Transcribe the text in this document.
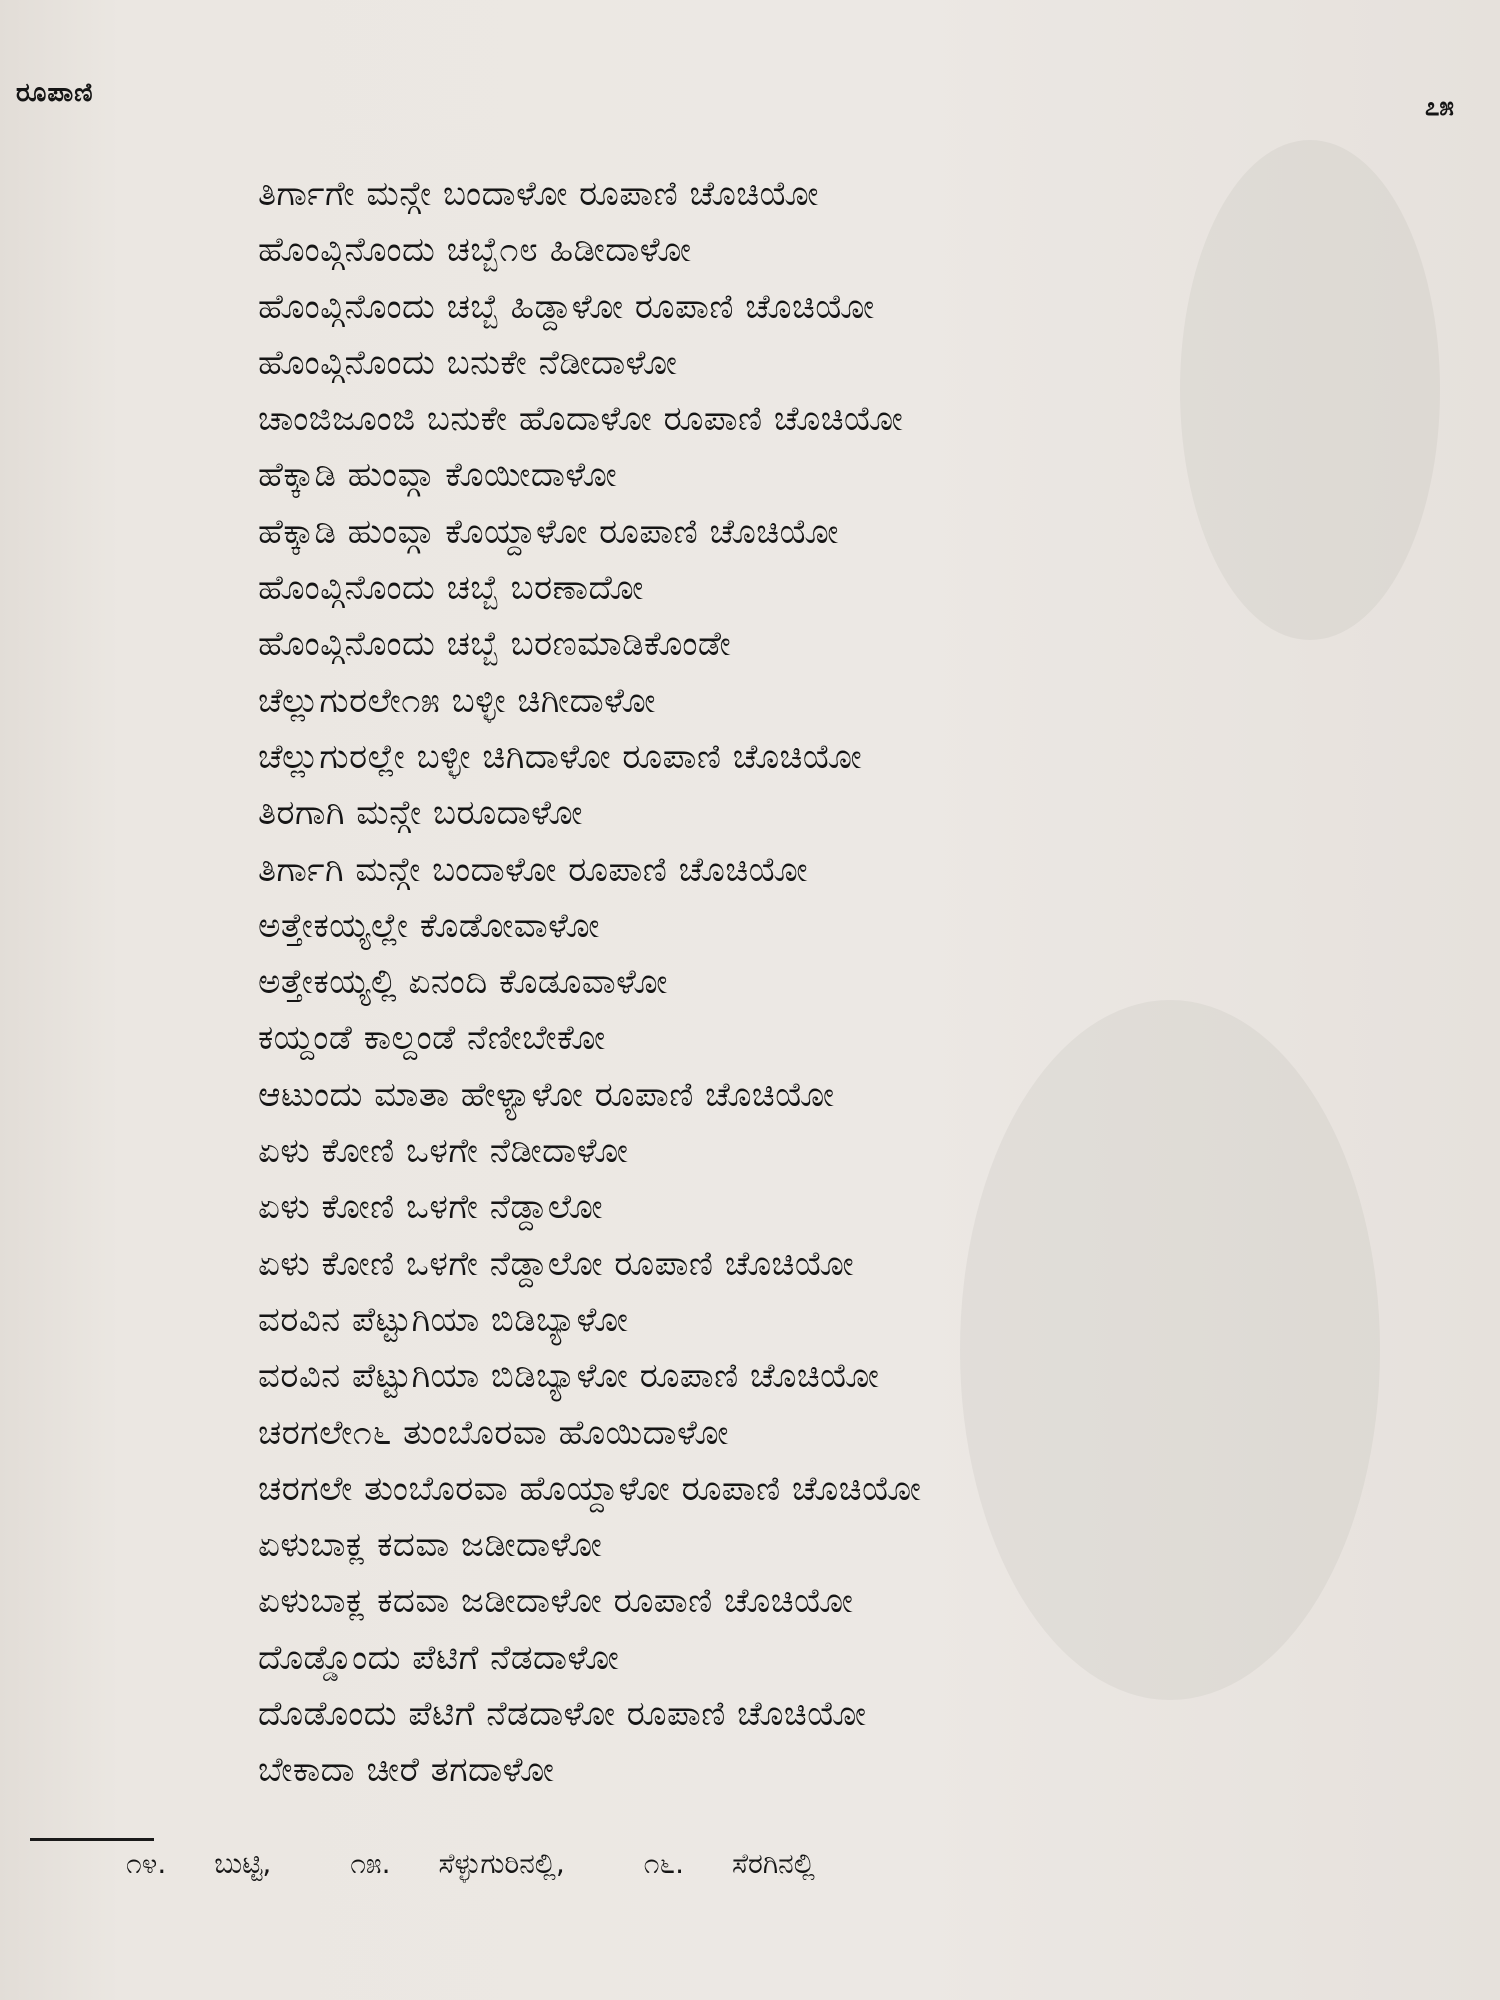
ರೂಪಾಣಿ	೭೫
ತಿರ್ಗಾಗೇ ಮನ್ಗೇ ಬಂದಾಳೋ ರೂಪಾಣಿ ಚೊಚಿಯೋ
ಹೊಂವ್ಗಿನೊಂದು ಚಬ್ಬೆ೧೮ ಹಿಡೀದಾಳೋ
ಹೊಂವ್ಗಿನೊಂದು ಚಬ್ಬೆ ಹಿಡ್ದಾಳೋ ರೂಪಾಣಿ ಚೊಚಿಯೋ
ಹೊಂವ್ಗಿನೊಂದು ಬನುಕೇ ನೆಡೀದಾಳೋ
ಚಾಂಜಿಜೂಂಜಿ ಬನುಕೇ ಹೊದಾಳೋ ರೂಪಾಣಿ ಚೊಚಿಯೋ
ಹೆಕ್ಕಾಡಿ ಹುಂವ್ಗಾ ಕೊಯೀದಾಳೋ
ಹೆಕ್ಕಾಡಿ ಹುಂವ್ಗಾ ಕೊಯ್ದಾಳೋ ರೂಪಾಣಿ ಚೊಚಿಯೋ
ಹೊಂವ್ಗಿನೊಂದು ಚಬ್ಬೆ ಬರಣಾದೋ
ಹೊಂವ್ಗಿನೊಂದು ಚಬ್ಬೆ ಬರಣಮಾಡಿಕೊಂಡೇ
ಚೆಲ್ಲುಗುರಲೇ೧೫ ಬಳ್ಳೀ ಚಿಗೀದಾಳೋ
ಚೆಲ್ಲುಗುರಲ್ಲೇ ಬಳ್ಳೀ ಚಿಗಿದಾಳೋ ರೂಪಾಣಿ ಚೊಚಿಯೋ
ತಿರಗಾಗಿ ಮನ್ಗೇ ಬರೂದಾಳೋ
ತಿರ್ಗಾಗಿ ಮನ್ಗೇ ಬಂದಾಳೋ ರೂಪಾಣಿ ಚೊಚಿಯೋ
ಅತ್ತೇಕಯ್ಯಲ್ಲೇ ಕೊಡೋವಾಳೋ
ಅತ್ತೇಕಯ್ಯಲ್ಲಿ ಏನಂದಿ ಕೊಡೂವಾಳೋ
ಕಯ್ದಂಡೆ ಕಾಲ್ದಂಡೆ ನೆಣೀಬೇಕೋ
ಆಟುಂದು ಮಾತಾ ಹೇಳ್ಯಾಳೋ ರೂಪಾಣಿ ಚೊಚಿಯೋ
ಏಳು ಕೋಣಿ ಒಳಗೇ ನೆಡೀದಾಳೋ
ಏಳು ಕೋಣಿ ಒಳಗೇ ನೆಡ್ದಾಲೋ
ಏಳು ಕೋಣಿ ಒಳಗೇ ನೆಡ್ದಾಲೋ ರೂಪಾಣಿ ಚೊಚಿಯೋ
ವರವಿನ ಪೆಟ್ಟುಗಿಯಾ ಬಿಡಿಬ್ಯಾಳೋ
ವರವಿನ ಪೆಟ್ಟುಗಿಯಾ ಬಿಡಿಬ್ಯಾಳೋ ರೂಪಾಣಿ ಚೊಚಿಯೋ
ಚರಗಲೇ೧೬ ತುಂಬೊರವಾ ಹೊಯಿದಾಳೋ
ಚರಗಲೇ ತುಂಬೊರವಾ ಹೊಯ್ದಾಳೋ ರೂಪಾಣಿ ಚೊಚಿಯೋ
ಏಳುಬಾಕ್ಲ ಕದವಾ ಜಡೀದಾಳೋ
ಏಳುಬಾಕ್ಲ ಕದವಾ ಜಡೀದಾಳೋ ರೂಪಾಣಿ ಚೊಚಿಯೋ
ದೊಡ್ಡೊಂದು ಪೆಟಿಗೆ ನೆಡದಾಳೋ
ದೊಡೊಂದು ಪೆಟಿಗೆ ನೆಡದಾಳೋ ರೂಪಾಣಿ ಚೊಚಿಯೋ
ಬೇಕಾದಾ ಚೀರೆ ತಗದಾಳೋ
೧೪. ಬುಟ್ಟಿ,	೧೫. ಸೆಳ್ಳುಗುರಿನಲ್ಲಿ,	೧೬. ಸೆರಗಿನಲ್ಲಿ
